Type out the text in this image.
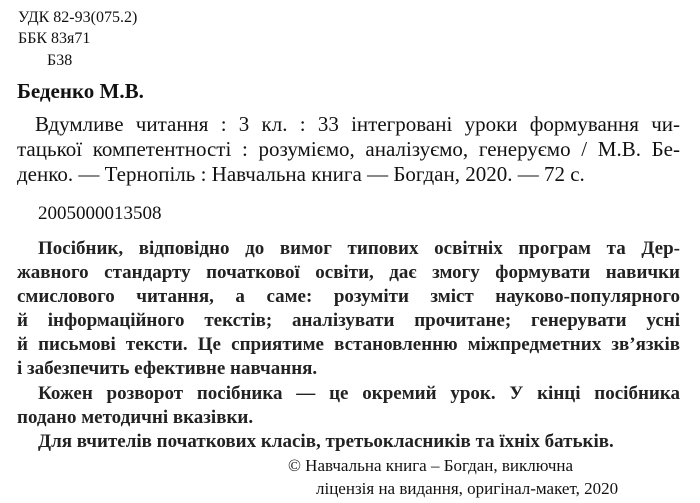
УДК 82-93(075.2)
ББК 83я71
Б38
Беденко М.В.
Вдумливе читання : 3 кл. : 33 інтегровані уроки формування чи-
тацької компетентності : розуміємо, аналізуємо, генеруємо / М.В. Бе-
денко. — Тернопіль : Навчальна книга — Богдан, 2020. — 72 с.
2005000013508
Посібник, відповідно до вимог типових освітніх програм та Дер-
жавного стандарту початкової освіти, дає змогу формувати навички
смислового читання, а саме: розуміти зміст науково-популярного
й інформаційного текстів; аналізувати прочитане; генерувати усні
й письмові тексти. Це сприятиме встановленню міжпредметних зв’язків
і забезпечить ефективне навчання.
Кожен розворот посібника — це окремий урок. У кінці посібника
подано методичні вказівки.
Для вчителів початкових класів, третьокласників та їхніх батьків.
© Навчальна книга – Богдан, виключна
ліцензія на видання, оригінал-макет, 2020
